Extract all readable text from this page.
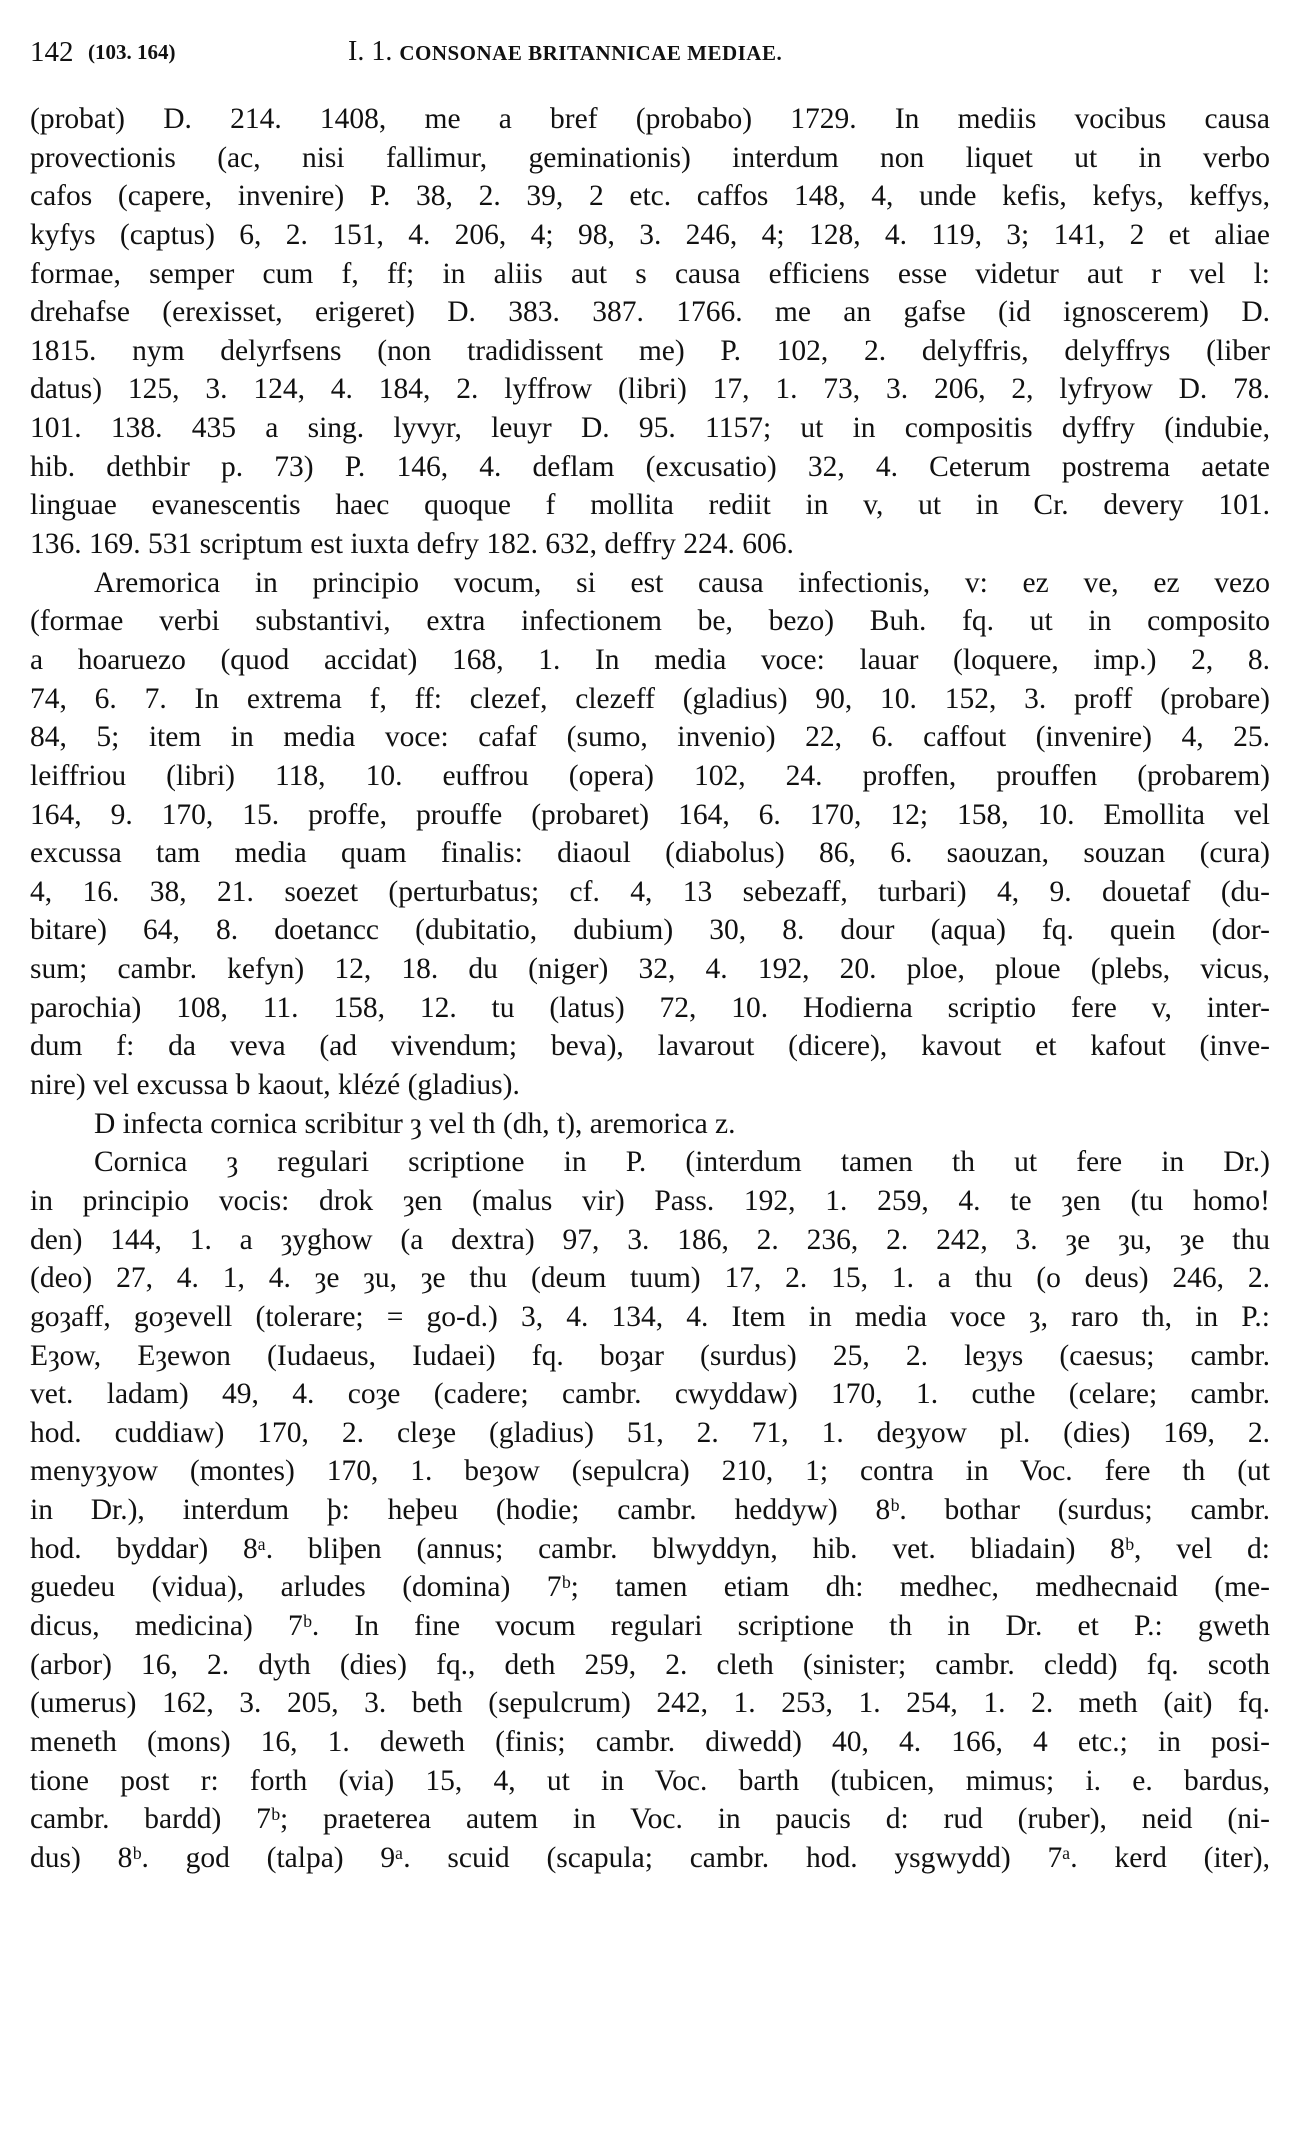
142 (103. 164)	I. 1. CONSONAE BRITANNICAE MEDIAE.
(probat) D. 214. 1408, me a bref (probabo) 1729. In mediis vocibus causa
provectionis (ac, nisi fallimur, geminationis) interdum non liquet ut in verbo
cafos (capere, invenire) P. 38, 2. 39, 2 etc. caffos 148, 4, unde kefis, kefys, keffys,
kyfys (captus) 6, 2. 151, 4. 206, 4; 98, 3. 246, 4; 128, 4. 119, 3; 141, 2 et aliae
formae, semper cum f, ff; in aliis aut s causa efficiens esse videtur aut r vel l:
drehafse (erexisset, erigeret) D. 383. 387. 1766. me an gafse (id ignoscerem) D.
1815. nym delyrfsens (non tradidissent me) P. 102, 2. delyffris, delyffrys (liber
datus) 125, 3. 124, 4. 184, 2. lyffrow (libri) 17, 1. 73, 3. 206, 2, lyfryow D. 78.
101. 138. 435 a sing. lyvyr, leuyr D. 95. 1157; ut in compositis dyffry (indubie,
hib. dethbir p. 73) P. 146, 4. deflam (excusatio) 32, 4. Ceterum postrema aetate
linguae evanescentis haec quoque f mollita rediit in v, ut in Cr. devery 101.
136. 169. 531 scriptum est iuxta defry 182. 632, deffry 224. 606.
Aremorica in principio vocum, si est causa infectionis, v: ez ve, ez vezo
(formae verbi substantivi, extra infectionem be, bezo) Buh. fq. ut in composito
a hoaruezo (quod accidat) 168, 1. In media voce: lauar (loquere, imp.) 2, 8.
74, 6. 7. In extrema f, ff: clezef, clezeff (gladius) 90, 10. 152, 3. proff (probare)
84, 5; item in media voce: cafaf (sumo, invenio) 22, 6. caffout (invenire) 4, 25.
leiffriou (libri) 118, 10. euffrou (opera) 102, 24. proffen, prouffen (probarem)
164, 9. 170, 15. proffe, prouffe (probaret) 164, 6. 170, 12; 158, 10. Emollita vel
excussa tam media quam finalis: diaoul (diabolus) 86, 6. saouzan, souzan (cura)
4, 16. 38, 21. soezet (perturbatus; cf. 4, 13 sebezaff, turbari) 4, 9. douetaf (du-
bitare) 64, 8. doetancc (dubitatio, dubium) 30, 8. dour (aqua) fq. quein (dor-
sum; cambr. kefyn) 12, 18. du (niger) 32, 4. 192, 20. ploe, ploue (plebs, vicus,
parochia) 108, 11. 158, 12. tu (latus) 72, 10. Hodierna scriptio fere v, inter-
dum f: da veva (ad vivendum; beva), lavarout (dicere), kavout et kafout (inve-
nire) vel excussa b kaout, klézé (gladius).
D infecta cornica scribitur ȝ vel th (dh, t), aremorica z.
Cornica ȝ regulari scriptione in P. (interdum tamen th ut fere in Dr.)
in principio vocis: drok ȝen (malus vir) Pass. 192, 1. 259, 4. te ȝen (tu homo!
den) 144, 1. a ȝyghow (a dextra) 97, 3. 186, 2. 236, 2. 242, 3. ȝe ȝu, ȝe thu
(deo) 27, 4. 1, 4. ȝe ȝu, ȝe thu (deum tuum) 17, 2. 15, 1. a thu (o deus) 246, 2.
goȝaff, goȝevell (tolerare; = go-d.) 3, 4. 134, 4. Item in media voce ȝ, raro th, in P.:
Eȝow, Eȝewon (Iudaeus, Iudaei) fq. boȝar (surdus) 25, 2. leȝys (caesus; cambr.
vet. ladam) 49, 4. coȝe (cadere; cambr. cwyddaw) 170, 1. cuthe (celare; cambr.
hod. cuddiaw) 170, 2. cleȝe (gladius) 51, 2. 71, 1. deȝyow pl. (dies) 169, 2.
menyȝyow (montes) 170, 1. beȝow (sepulcra) 210, 1; contra in Voc. fere th (ut
in Dr.), interdum þ: heþeu (hodie; cambr. heddyw) 8ᵇ. bothar (surdus; cambr.
hod. byddar) 8ᵃ. bliþen (annus; cambr. blwyddyn, hib. vet. bliadain) 8ᵇ, vel d:
guedeu (vidua), arludes (domina) 7ᵇ; tamen etiam dh: medhec, medhecnaid (me-
dicus, medicina) 7ᵇ. In fine vocum regulari scriptione th in Dr. et P.: gweth
(arbor) 16, 2. dyth (dies) fq., deth 259, 2. cleth (sinister; cambr. cledd) fq. scoth
(umerus) 162, 3. 205, 3. beth (sepulcrum) 242, 1. 253, 1. 254, 1. 2. meth (ait) fq.
meneth (mons) 16, 1. deweth (finis; cambr. diwedd) 40, 4. 166, 4 etc.; in posi-
tione post r: forth (via) 15, 4, ut in Voc. barth (tubicen, mimus; i. e. bardus,
cambr. bardd) 7ᵇ; praeterea autem in Voc. in paucis d: rud (ruber), neid (ni-
dus) 8ᵇ. god (talpa) 9ᵃ. scuid (scapula; cambr. hod. ysgwydd) 7ᵃ. kerd (iter),
